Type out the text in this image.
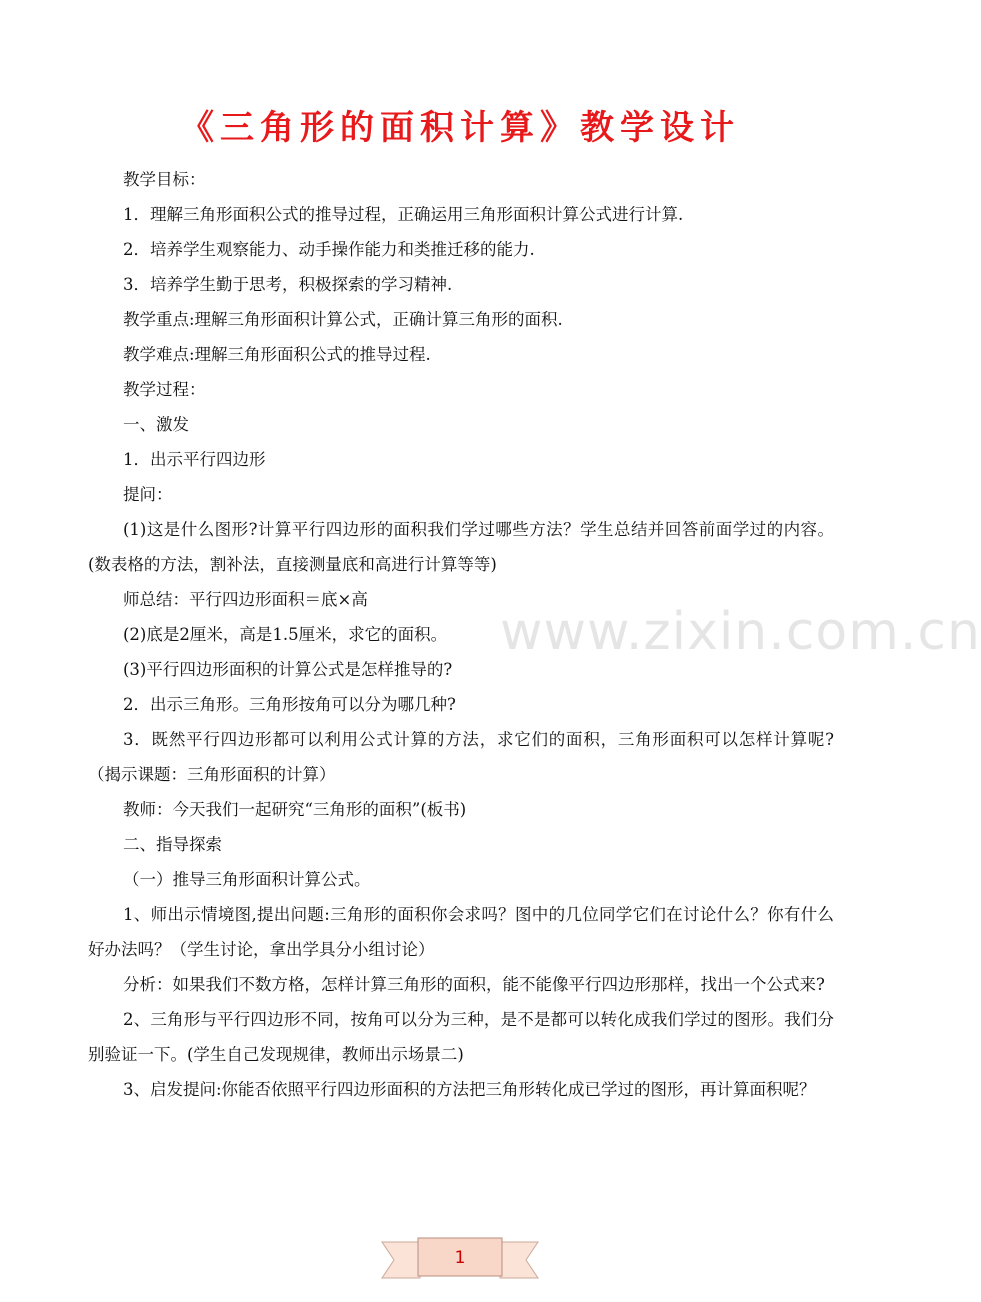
《三角形的面积计算》教学设计

教学目标：

1．理解三角形面积公式的推导过程，正确运用三角形面积计算公式进行计算.

2．培养学生观察能力、动手操作能力和类推迁移的能力.

3．培养学生勤于思考，积极探索的学习精神.

教学重点:理解三角形面积计算公式，正确计算三角形的面积.

教学难点:理解三角形面积公式的推导过程.

教学过程：

一、激发

1．出示平行四边形

提问：

(1)这是什么图形?计算平行四边形的面积我们学过哪些方法？学生总结并回答前面学过的内容。(数表格的方法，割补法，直接测量底和高进行计算等等)

师总结：平行四边形面积＝底×高

(2)底是2厘米，高是1.5厘米，求它的面积。

(3)平行四边形面积的计算公式是怎样推导的?

2．出示三角形。三角形按角可以分为哪几种?

3．既然平行四边形都可以利用公式计算的方法，求它们的面积，三角形面积可以怎样计算呢?（揭示课题：三角形面积的计算）

教师：今天我们一起研究“三角形的面积”(板书)

二、指导探索

（一）推导三角形面积计算公式。

1、师出示情境图,提出问题:三角形的面积你会求吗？图中的几位同学它们在讨论什么？你有什么好办法吗？（学生讨论，拿出学具分小组讨论）

分析：如果我们不数方格，怎样计算三角形的面积，能不能像平行四边形那样，找出一个公式来?

2、三角形与平行四边形不同，按角可以分为三种，是不是都可以转化成我们学过的图形。我们分别验证一下。(学生自己发现规律，教师出示场景二)

3、启发提问:你能否依照平行四边形面积的方法把三角形转化成已学过的图形，再计算面积呢？

www.zixin.com.cn
1
